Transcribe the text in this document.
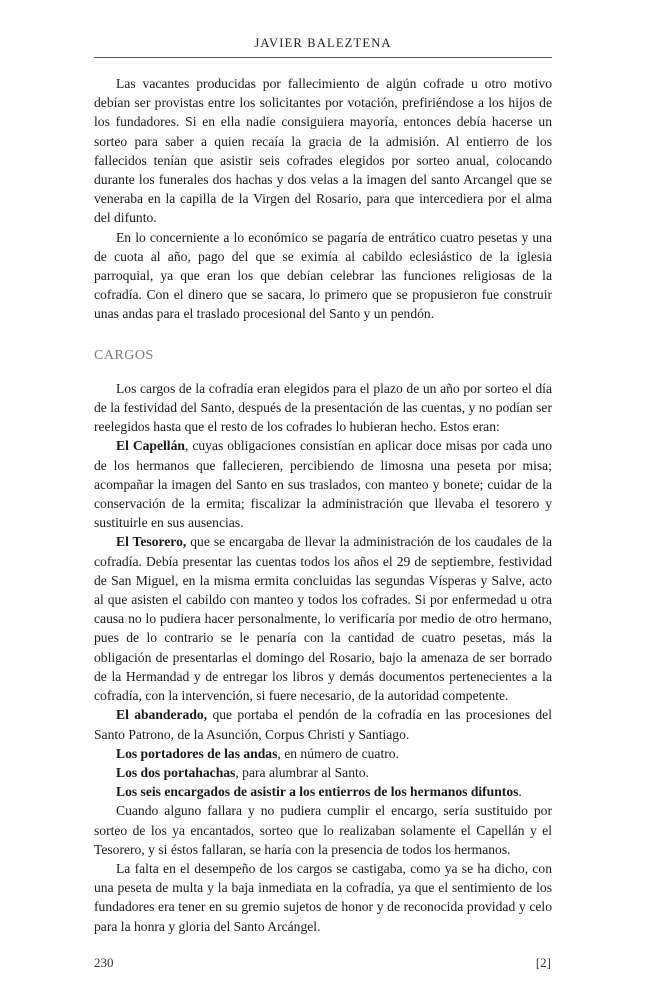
JAVIER BALEZTENA

Las vacantes producidas por fallecimiento de algún cofrade u otro motivo debían ser provistas entre los solicitantes por votación, prefiriéndose a los hijos de los fundadores. Si en ella nadie consiguiera mayoría, entonces debía hacerse un sorteo para saber a quien recaía la gracia de la admisión. Al entierro de los fallecidos tenían que asistir seis cofrades elegidos por sorteo anual, colocando durante los funerales dos hachas y dos velas a la imagen del santo Arcangel que se veneraba en la capilla de la Virgen del Rosario, para que intercediera por el alma del difunto.

En lo concerniente a lo económico se pagaría de entrático cuatro pesetas y una de cuota al año, pago del que se eximía al cabildo eclesiástico de la iglesia parroquial, ya que eran los que debían celebrar las funciones religiosas de la cofradía. Con el dinero que se sacara, lo primero que se propusieron fue construir unas andas para el traslado procesional del Santo y un pendón.

CARGOS

Los cargos de la cofradía eran elegidos para el plazo de un año por sorteo el día de la festividad del Santo, después de la presentación de las cuentas, y no podían ser reelegidos hasta que el resto de los cofrades lo hubieran hecho. Estos eran:

El Capellán, cuyas obligaciones consistían en aplicar doce misas por cada uno de los hermanos que fallecieren, percibiendo de limosna una peseta por misa; acompañar la imagen del Santo en sus traslados, con manteo y bonete; cuidar de la conservación de la ermita; fiscalizar la administración que llevaba el tesorero y sustituirle en sus ausencias.

El Tesorero, que se encargaba de llevar la administración de los caudales de la cofradía. Debía presentar las cuentas todos los años el 29 de septiembre, festividad de San Miguel, en la misma ermita concluidas las segundas Vísperas y Salve, acto al que asisten el cabildo con manteo y todos los cofrades. Si por enfermedad u otra causa no lo pudiera hacer personalmente, lo verificaría por medio de otro hermano, pues de lo contrario se le penaría con la cantidad de cuatro pesetas, más la obligación de presentarlas el domingo del Rosario, bajo la amenaza de ser borrado de la Hermandad y de entregar los libros y demás documentos pertenecientes a la cofradía, con la intervención, si fuere necesario, de la autoridad competente.

El abanderado, que portaba el pendón de la cofradía en las procesiones del Santo Patrono, de la Asunción, Corpus Christi y Santiago.

Los portadores de las andas, en número de cuatro.

Los dos portahachas, para alumbrar al Santo.

Los seis encargados de asistir a los entierros de los hermanos difuntos.

Cuando alguno fallara y no pudiera cumplir el encargo, sería sustituido por sorteo de los ya encantados, sorteo que lo realizaban solamente el Capellán y el Tesorero, y si éstos fallaran, se haría con la presencia de todos los hermanos.

La falta en el desempeño de los cargos se castigaba, como ya se ha dicho, con una peseta de multa y la baja inmediata en la cofradía, ya que el sentimiento de los fundadores era tener en su gremio sujetos de honor y de reconocida providad y celo para la honra y gloria del Santo Arcángel.

230	[2]
